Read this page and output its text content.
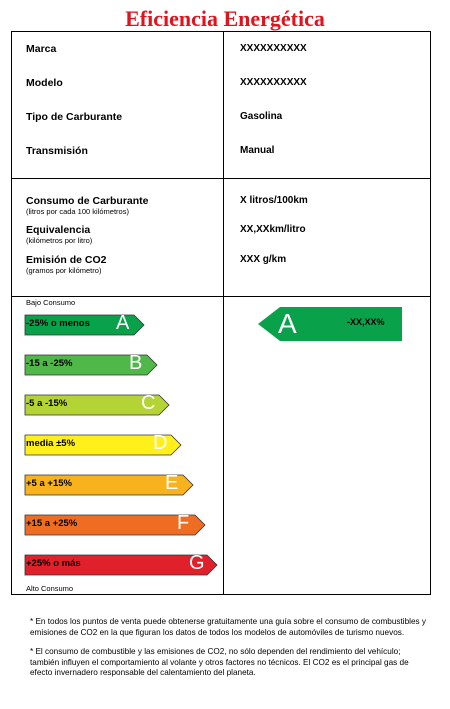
Eficiencia Energética
Marca	XXXXXXXXXX
Modelo	XXXXXXXXXX
Tipo de Carburante	Gasolina
Transmisión	Manual
Consumo de Carburante
(litros por cada 100 kilómetros)
X litros/100km
Equivalencia
(kilómetros por litro)
XX,XXkm/litro
Emisión de CO2
(gramos por kilómetro)
XXX g/km
Bajo Consumo
-25% o menos A
-15 a -25%	B
-5 a -15%	C
media ±5%	D
+5 a +15%	E
+15 a +25%	F
+25% o más	G
Alto Consumo
A	-XX,XX%
* En todos los puntos de venta puede obtenerse gratuitamente una guía sobre el consumo de combustibles y emisiones de CO2 en la que figuran los datos de todos los modelos de automóviles de turismo nuevos.
* El consumo de combustible y las emisiones de CO2, no sólo dependen del rendimiento del vehículo; también influyen el comportamiento al volante y otros factores no técnicos. El CO2 es el principal gas de efecto invernadero responsable del calentamiento del planeta.
